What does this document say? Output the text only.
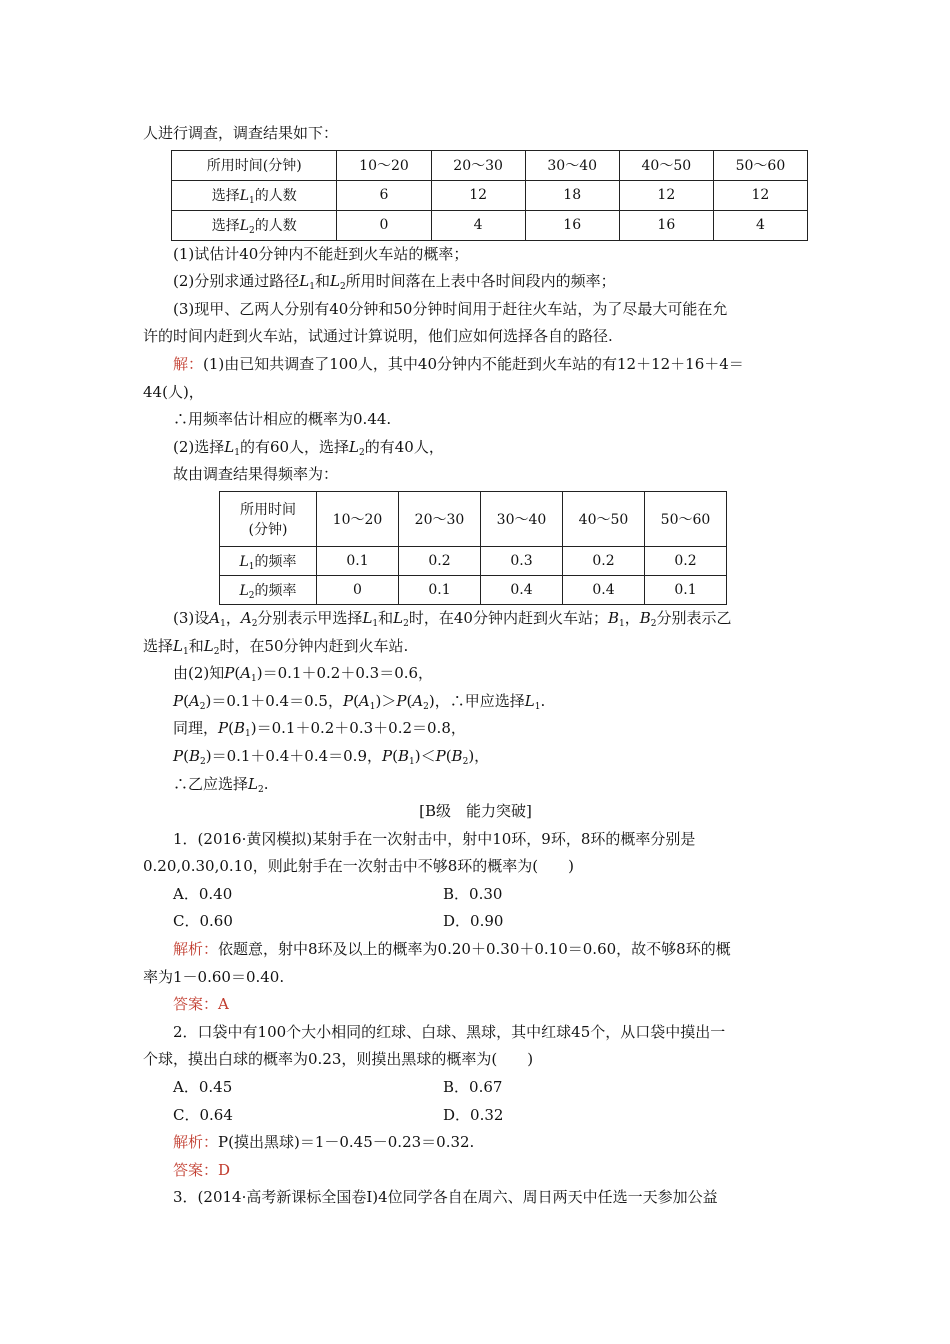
人进行调查，调查结果如下：
所用时间(分钟)	10～20	20～30	30～40	40～50	50～60
选择$L_1$的人数	6	12	18	12	12
选择$L_2$的人数	0	4	16	16	4
(1)试估计40分钟内不能赶到火车站的概率；
(2)分别求通过路径$L_1$和$L_2$所用时间落在上表中各时间段内的频率；
(3)现甲、乙两人分别有40分钟和50分钟时间用于赶往火车站，为了尽最大可能在允
许的时间内赶到火车站，试通过计算说明，他们应如何选择各自的路径.
解：(1)由已知共调查了100人，其中40分钟内不能赶到火车站的有12＋12＋16＋4＝
44(人)，
∴用频率估计相应的概率为0.44.
(2)选择$L_1$的有60人，选择$L_2$的有40人，
故由调查结果得频率为：
所用时间
(分钟)	10～20	20～30	30～40	40～50	50～60
$L_1$的频率	0.1	0.2	0.3	0.2	0.2
$L_2$的频率	0	0.1	0.4	0.4	0.1
(3)设$A_1$，$A_2$分别表示甲选择$L_1$和$L_2$时，在40分钟内赶到火车站；$B_1$，$B_2$分别表示乙
选择$L_1$和$L_2$时，在50分钟内赶到火车站.
由(2)知$P(A_1)=0.1+0.2+0.3=0.6$，
$P(A_2)=0.1+0.4=0.5$，$P(A_1)>P(A_2)$，∴甲应选择$L_1$.
同理，$P(B_1)=0.1+0.2+0.3+0.2=0.8$，
$P(B_2)=0.1+0.4+0.4=0.9$，$P(B_1)<P(B_2)$，
∴乙应选择$L_2$.
[B级　能力突破]
1．(2016·黄冈模拟)某射手在一次射击中，射中10环，9环，8环的概率分别是
0.20,0.30,0.10，则此射手在一次射击中不够8环的概率为(　　)
A．0.40	B．0.30
C．0.60	D．0.90
解析：依题意，射中8环及以上的概率为0.20＋0.30＋0.10＝0.60，故不够8环的概
率为1－0.60＝0.40.
答案：A
2．口袋中有100个大小相同的红球、白球、黑球，其中红球45个，从口袋中摸出一
个球，摸出白球的概率为0.23，则摸出黑球的概率为(　　)
A．0.45	B．0.67
C．0.64	D．0.32
解析：P(摸出黑球)＝1－0.45－0.23＝0.32.
答案：D
3．(2014·高考新课标全国卷Ⅰ)4位同学各自在周六、周日两天中任选一天参加公益
